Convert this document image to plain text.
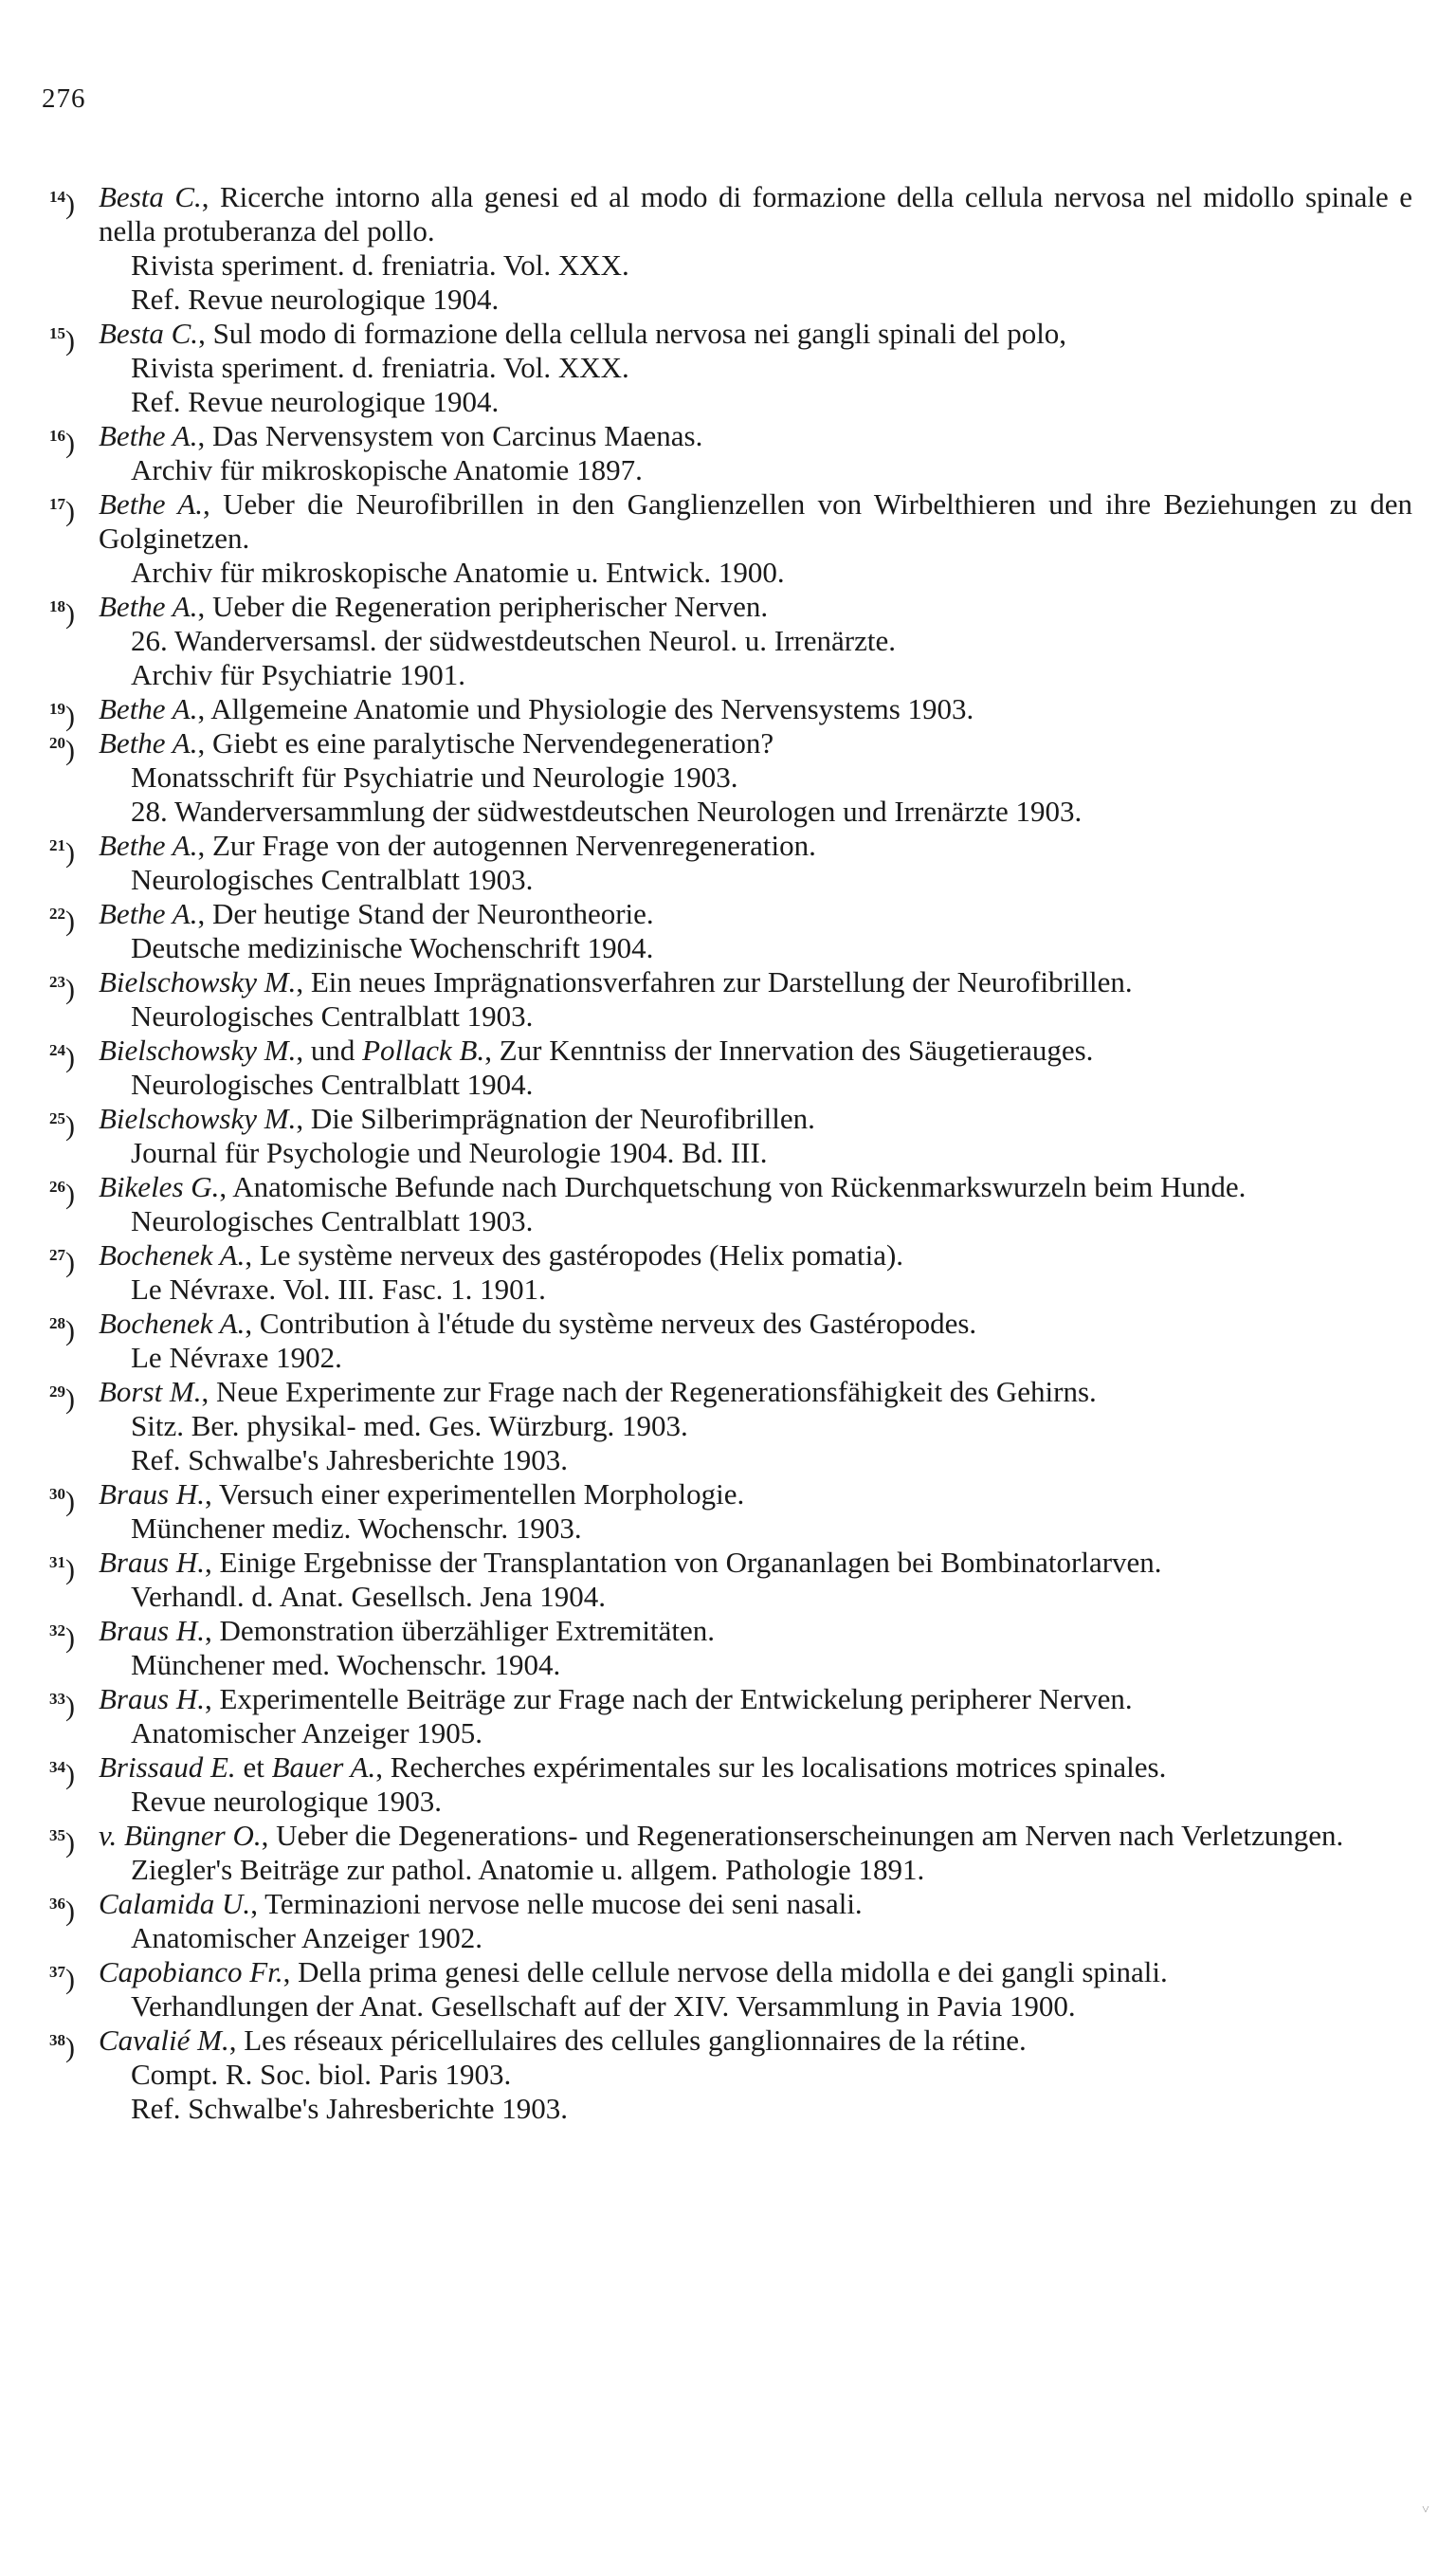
276
$^{14}$) Besta C., Ricerche intorno alla genesi ed al modo di formazione della cellula nervosa nel midollo spinale e nella protuberanza del pollo.
Rivista speriment. d. freniatria. Vol. XXX.
Ref. Revue neurologique 1904.
$^{15}$) Besta C., Sul modo di formazione della cellula nervosa nei gangli spinali del polo,
Rivista speriment. d. freniatria. Vol. XXX.
Ref. Revue neurologique 1904.
$^{16}$) Bethe A., Das Nervensystem von Carcinus Maenas.
Archiv für mikroskopische Anatomie 1897.
$^{17}$) Bethe A., Ueber die Neurofibrillen in den Ganglienzellen von Wirbelthieren und ihre Beziehungen zu den Golginetzen.
Archiv für mikroskopische Anatomie u. Entwick. 1900.
$^{18}$) Bethe A., Ueber die Regeneration peripherischer Nerven.
26. Wanderversamsl. der südwestdeutschen Neurol. u. Irrenärzte.
Archiv für Psychiatrie 1901.
$^{19}$) Bethe A., Allgemeine Anatomie und Physiologie des Nervensystems 1903.
$^{20}$) Bethe A., Giebt es eine paralytische Nervendegeneration?
Monatsschrift für Psychiatrie und Neurologie 1903.
28. Wanderversammlung der südwestdeutschen Neurologen und Irrenärzte 1903.
$^{21}$) Bethe A., Zur Frage von der autogennen Nervenregeneration.
Neurologisches Centralblatt 1903.
$^{22}$) Bethe A., Der heutige Stand der Neurontheorie.
Deutsche medizinische Wochenschrift 1904.
$^{23}$) Bielschowsky M., Ein neues Imprägnationsverfahren zur Darstellung der Neurofibrillen.
Neurologisches Centralblatt 1903.
$^{24}$) Bielschowsky M., und Pollack B., Zur Kenntniss der Innervation des Säugetierauges.
Neurologisches Centralblatt 1904.
$^{25}$) Bielschowsky M., Die Silberimprägnation der Neurofibrillen.
Journal für Psychologie und Neurologie 1904. Bd. III.
$^{26}$) Bikeles G., Anatomische Befunde nach Durchquetschung von Rückenmarkswurzeln beim Hunde.
Neurologisches Centralblatt 1903.
$^{27}$) Bochenek A., Le système nerveux des gastéropodes (Helix pomatia).
Le Névraxe. Vol. III. Fasc. 1. 1901.
$^{28}$) Bochenek A., Contribution à l'étude du système nerveux des Gastéropodes.
Le Névraxe 1902.
$^{29}$) Borst M., Neue Experimente zur Frage nach der Regenerationsfähigkeit des Gehirns.
Sitz. Ber. physikal- med. Ges. Würzburg. 1903.
Ref. Schwalbe's Jahresberichte 1903.
$^{30}$) Braus H., Versuch einer experimentellen Morphologie.
Münchener mediz. Wochenschr. 1903.
$^{31}$) Braus H., Einige Ergebnisse der Transplantation von Organanlagen bei Bombinatorlarven.
Verhandl. d. Anat. Gesellsch. Jena 1904.
$^{32}$) Braus H., Demonstration überzähliger Extremitäten.
Münchener med. Wochenschr. 1904.
$^{33}$) Braus H., Experimentelle Beiträge zur Frage nach der Entwickelung peripherer Nerven.
Anatomischer Anzeiger 1905.
$^{34}$) Brissaud E. et Bauer A., Recherches expérimentales sur les localisations motrices spinales.
Revue neurologique 1903.
$^{35}$) v. Büngner O., Ueber die Degenerations- und Regenerationserscheinungen am Nerven nach Verletzungen.
Ziegler's Beiträge zur pathol. Anatomie u. allgem. Pathologie 1891.
$^{36}$) Calamida U., Terminazioni nervose nelle mucose dei seni nasali.
Anatomischer Anzeiger 1902.
$^{37}$) Capobianco Fr., Della prima genesi delle cellule nervose della midolla e dei gangli spinali.
Verhandlungen der Anat. Gesellschaft auf der XIV. Versammlung in Pavia 1900.
$^{38}$) Cavalié M., Les réseaux péricellulaires des cellules ganglionnaires de la rétine.
Compt. R. Soc. biol. Paris 1903.
Ref. Schwalbe's Jahresberichte 1903.
˅
